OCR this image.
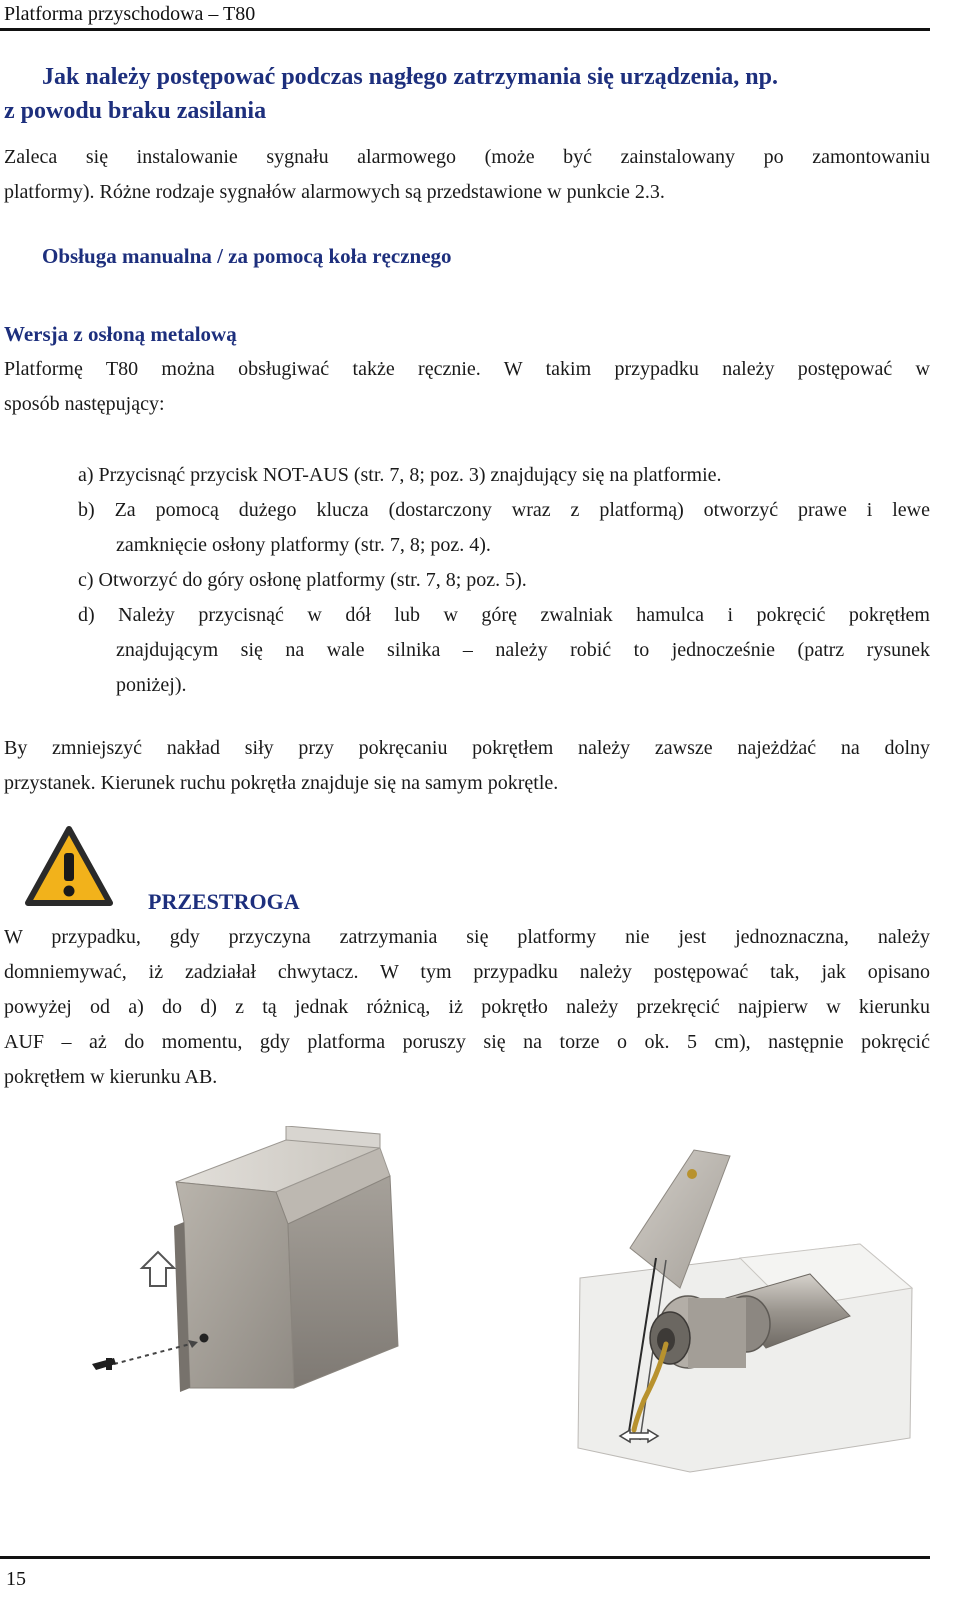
Platforma przyschodowa – T80
Jak należy postępować podczas nagłego zatrzymania się urządzenia, np.
z powodu braku zasilania
Zaleca się instalowanie sygnału alarmowego (może być zainstalowany po zamontowaniu
platformy). Różne rodzaje sygnałów alarmowych są przedstawione w punkcie 2.3.
Obsługa manualna / za pomocą koła ręcznego
Wersja z osłoną metalową
Platformę T80 można obsługiwać także ręcznie. W takim przypadku należy postępować w
sposób następujący:
a) Przycisnąć przycisk NOT-AUS (str. 7, 8; poz. 3) znajdujący się na platformie.
b) Za pomocą dużego klucza (dostarczony wraz z platformą) otworzyć prawe i lewe
zamknięcie osłony platformy (str. 7, 8; poz. 4).
c) Otworzyć do góry osłonę platformy (str. 7, 8; poz. 5).
d) Należy przycisnąć w dół lub w górę zwalniak hamulca i pokręcić pokrętłem
znajdującym się na wale silnika – należy robić to jednocześnie (patrz rysunek
poniżej).
By zmniejszyć nakład siły przy pokręcaniu pokrętłem należy zawsze najeżdżać na dolny
przystanek. Kierunek ruchu pokrętła znajduje się na samym pokrętle.
PRZESTROGA
W przypadku, gdy przyczyna zatrzymania się platformy nie jest jednoznaczna, należy
domniemywać, iż zadziałał chwytacz. W tym przypadku należy postępować tak, jak opisano
powyżej od a) do d) z tą jednak różnicą, iż pokrętło należy przekręcić najpierw w kierunku
AUF – aż do momentu, gdy platforma poruszy się na torze o ok. 5 cm), następnie pokręcić
pokrętłem w kierunku AB.
15
